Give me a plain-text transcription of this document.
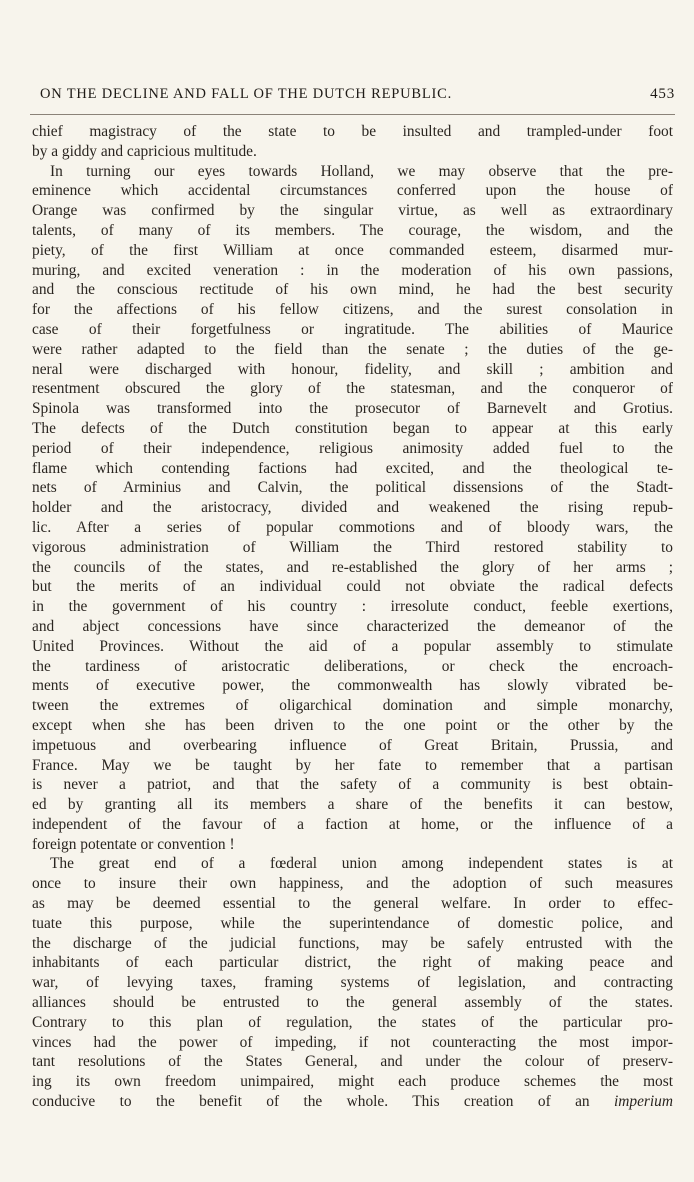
ON THE DECLINE AND FALL OF THE DUTCH REPUBLIC.	453
chief magistracy of the state to be insulted and trampled-under foot
by a giddy and capricious multitude.
In turning our eyes towards Holland, we may observe that the pre-
eminence which accidental circumstances conferred upon the house of
Orange was confirmed by the singular virtue, as well as extraordinary
talents, of many of its members. The courage, the wisdom, and the
piety, of the first William at once commanded esteem, disarmed mur-
muring, and excited veneration : in the moderation of his own passions,
and the conscious rectitude of his own mind, he had the best security
for the affections of his fellow citizens, and the surest consolation in
case of their forgetfulness or ingratitude. The abilities of Maurice
were rather adapted to the field than the senate ; the duties of the ge-
neral were discharged with honour, fidelity, and skill ; ambition and
resentment obscured the glory of the statesman, and the conqueror of
Spinola was transformed into the prosecutor of Barnevelt and Grotius.
The defects of the Dutch constitution began to appear at this early
period of their independence, religious animosity added fuel to the
flame which contending factions had excited, and the theological te-
nets of Arminius and Calvin, the political dissensions of the Stadt-
holder and the aristocracy, divided and weakened the rising repub-
lic. After a series of popular commotions and of bloody wars, the
vigorous administration of William the Third restored stability to
the councils of the states, and re-established the glory of her arms ;
but the merits of an individual could not obviate the radical defects
in the government of his country : irresolute conduct, feeble exertions,
and abject concessions have since characterized the demeanor of the
United Provinces. Without the aid of a popular assembly to stimulate
the tardiness of aristocratic deliberations, or check the encroach-
ments of executive power, the commonwealth has slowly vibrated be-
tween the extremes of oligarchical domination and simple monarchy,
except when she has been driven to the one point or the other by the
impetuous and overbearing influence of Great Britain, Prussia, and
France. May we be taught by her fate to remember that a partisan
is never a patriot, and that the safety of a community is best obtain-
ed by granting all its members a share of the benefits it can bestow,
independent of the favour of a faction at home, or the influence of a
foreign potentate or convention !
The great end of a fœderal union among independent states is at
once to insure their own happiness, and the adoption of such measures
as may be deemed essential to the general welfare. In order to effec-
tuate this purpose, while the superintendance of domestic police, and
the discharge of the judicial functions, may be safely entrusted with the
inhabitants of each particular district, the right of making peace and
war, of levying taxes, framing systems of legislation, and contracting
alliances should be entrusted to the general assembly of the states.
Contrary to this plan of regulation, the states of the particular pro-
vinces had the power of impeding, if not counteracting the most impor-
tant resolutions of the States General, and under the colour of preserv-
ing its own freedom unimpaired, might each produce schemes the most
conducive to the benefit of the whole. This creation of an imperium
